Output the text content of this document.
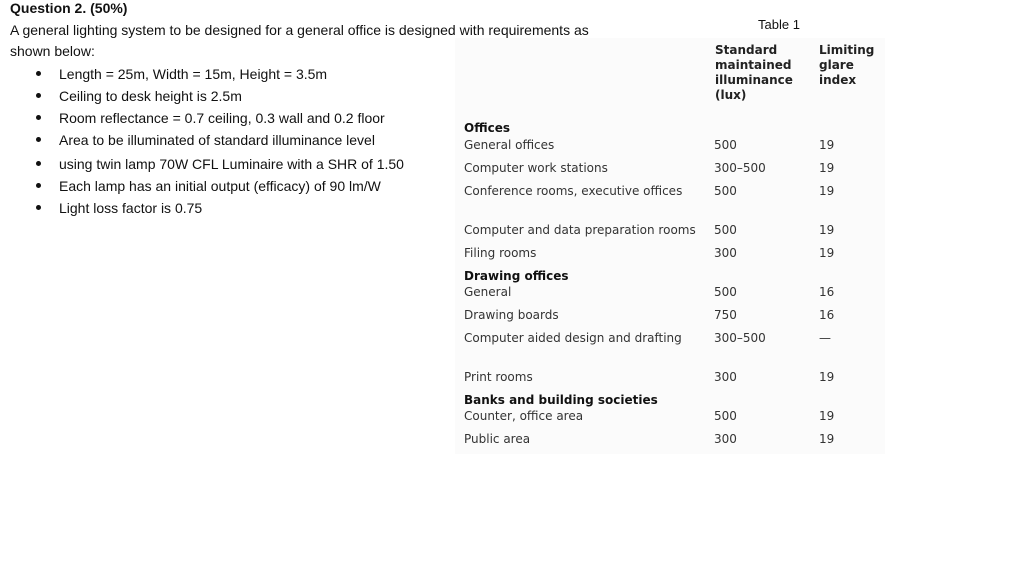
Question 2. (50%)
A general lighting system to be designed for a general office is designed with requirements as shown below:
Length = 25m, Width = 15m, Height = 3.5m
Ceiling to desk height is 2.5m
Room reflectance = 0.7 ceiling, 0.3 wall and 0.2 floor
Area to be illuminated of standard illuminance level
using twin lamp 70W CFL Luminaire with a SHR of 1.50
Each lamp has an initial output (efficacy) of 90 lm/W
Light loss factor is 0.75
Table 1
Standard maintained illuminance (lux)
Limiting glare index
Offices
General offices	500	19
Computer work stations	300–500	19
Conference rooms, executive offices	500	19
Computer and data preparation rooms 500	19
Filing rooms	300	19
Drawing offices
General	500	16
Drawing boards	750	16
Computer aided design and drafting	300–500	—
Print rooms	300	19
Banks and building societies
Counter, office area	500	19
Public area	300	19
